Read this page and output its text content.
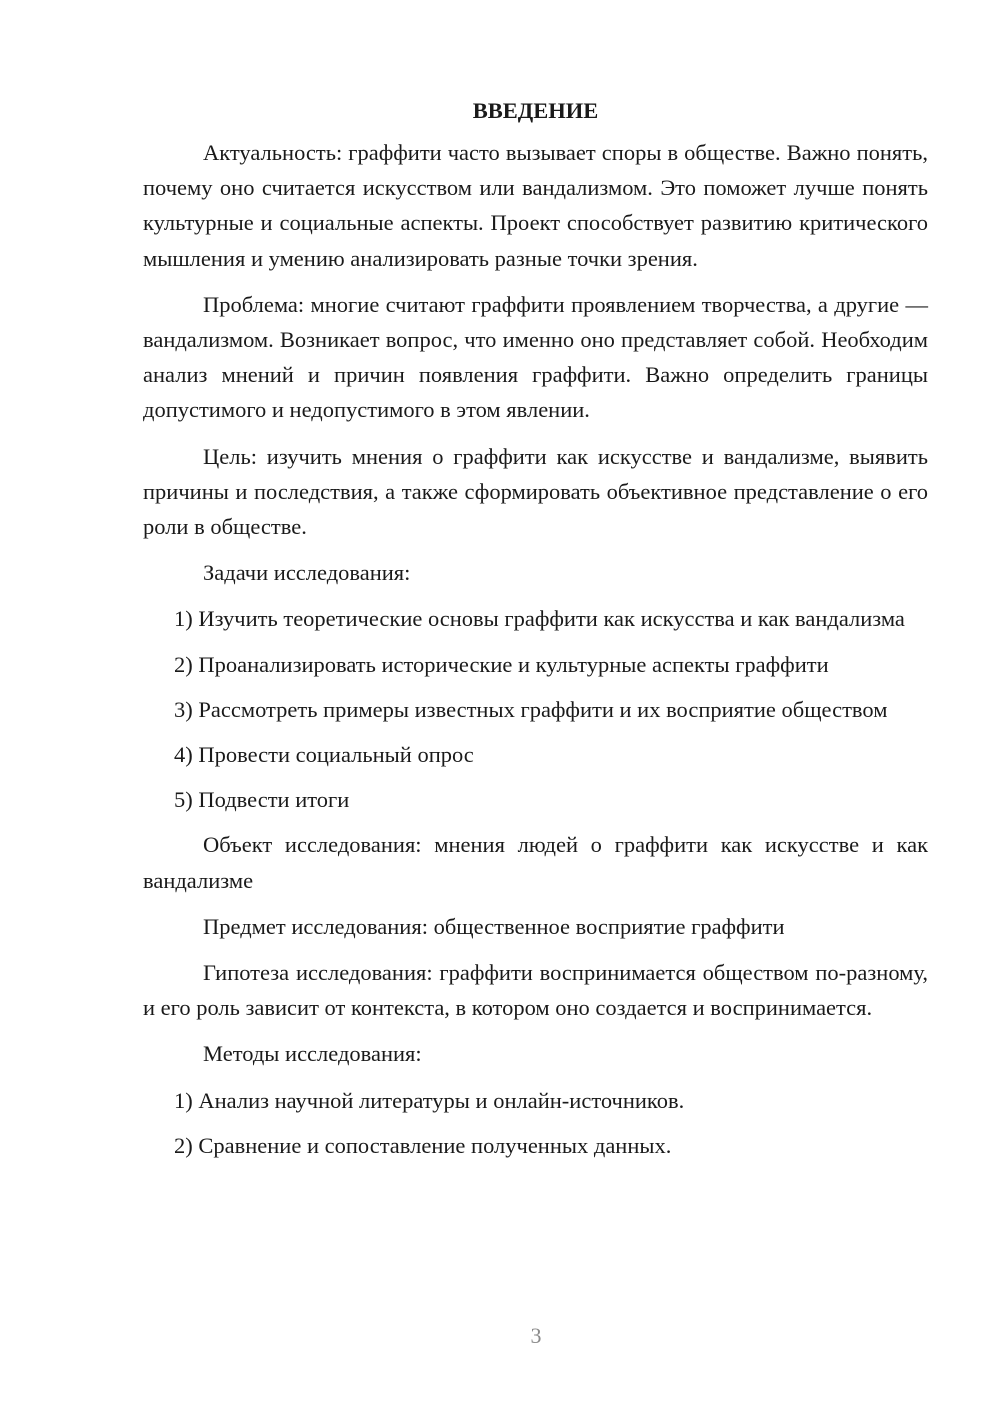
ВВЕДЕНИЕ

Актуальность: граффити часто вызывает споры в обществе. Важно понять, почему оно считается искусством или вандализмом. Это поможет лучше понять культурные и социальные аспекты. Проект способствует развитию критического мышления и умению анализировать разные точки зрения.

Проблема: многие считают граффити проявлением творчества, а другие — вандализмом. Возникает вопрос, что именно оно представляет собой. Необходим анализ мнений и причин появления граффити. Важно определить границы допустимого и недопустимого в этом явлении.

Цель: изучить мнения о граффити как искусстве и вандализме, выявить причины и последствия, а также сформировать объективное представление о его роли в обществе.

Задачи исследования:

1) Изучить теоретические основы граффити как искусства и как вандализма

2) Проанализировать исторические и культурные аспекты граффити

3) Рассмотреть примеры известных граффити и их восприятие обществом

4) Провести социальный опрос

5) Подвести итоги

Объект исследования: мнения людей о граффити как искусстве и как вандализме

Предмет исследования: общественное восприятие граффити

Гипотеза исследования: граффити воспринимается обществом по-разному, и его роль зависит от контекста, в котором оно создается и воспринимается.

Методы исследования:

1) Анализ научной литературы и онлайн-источников.

2) Сравнение и сопоставление полученных данных.

3
